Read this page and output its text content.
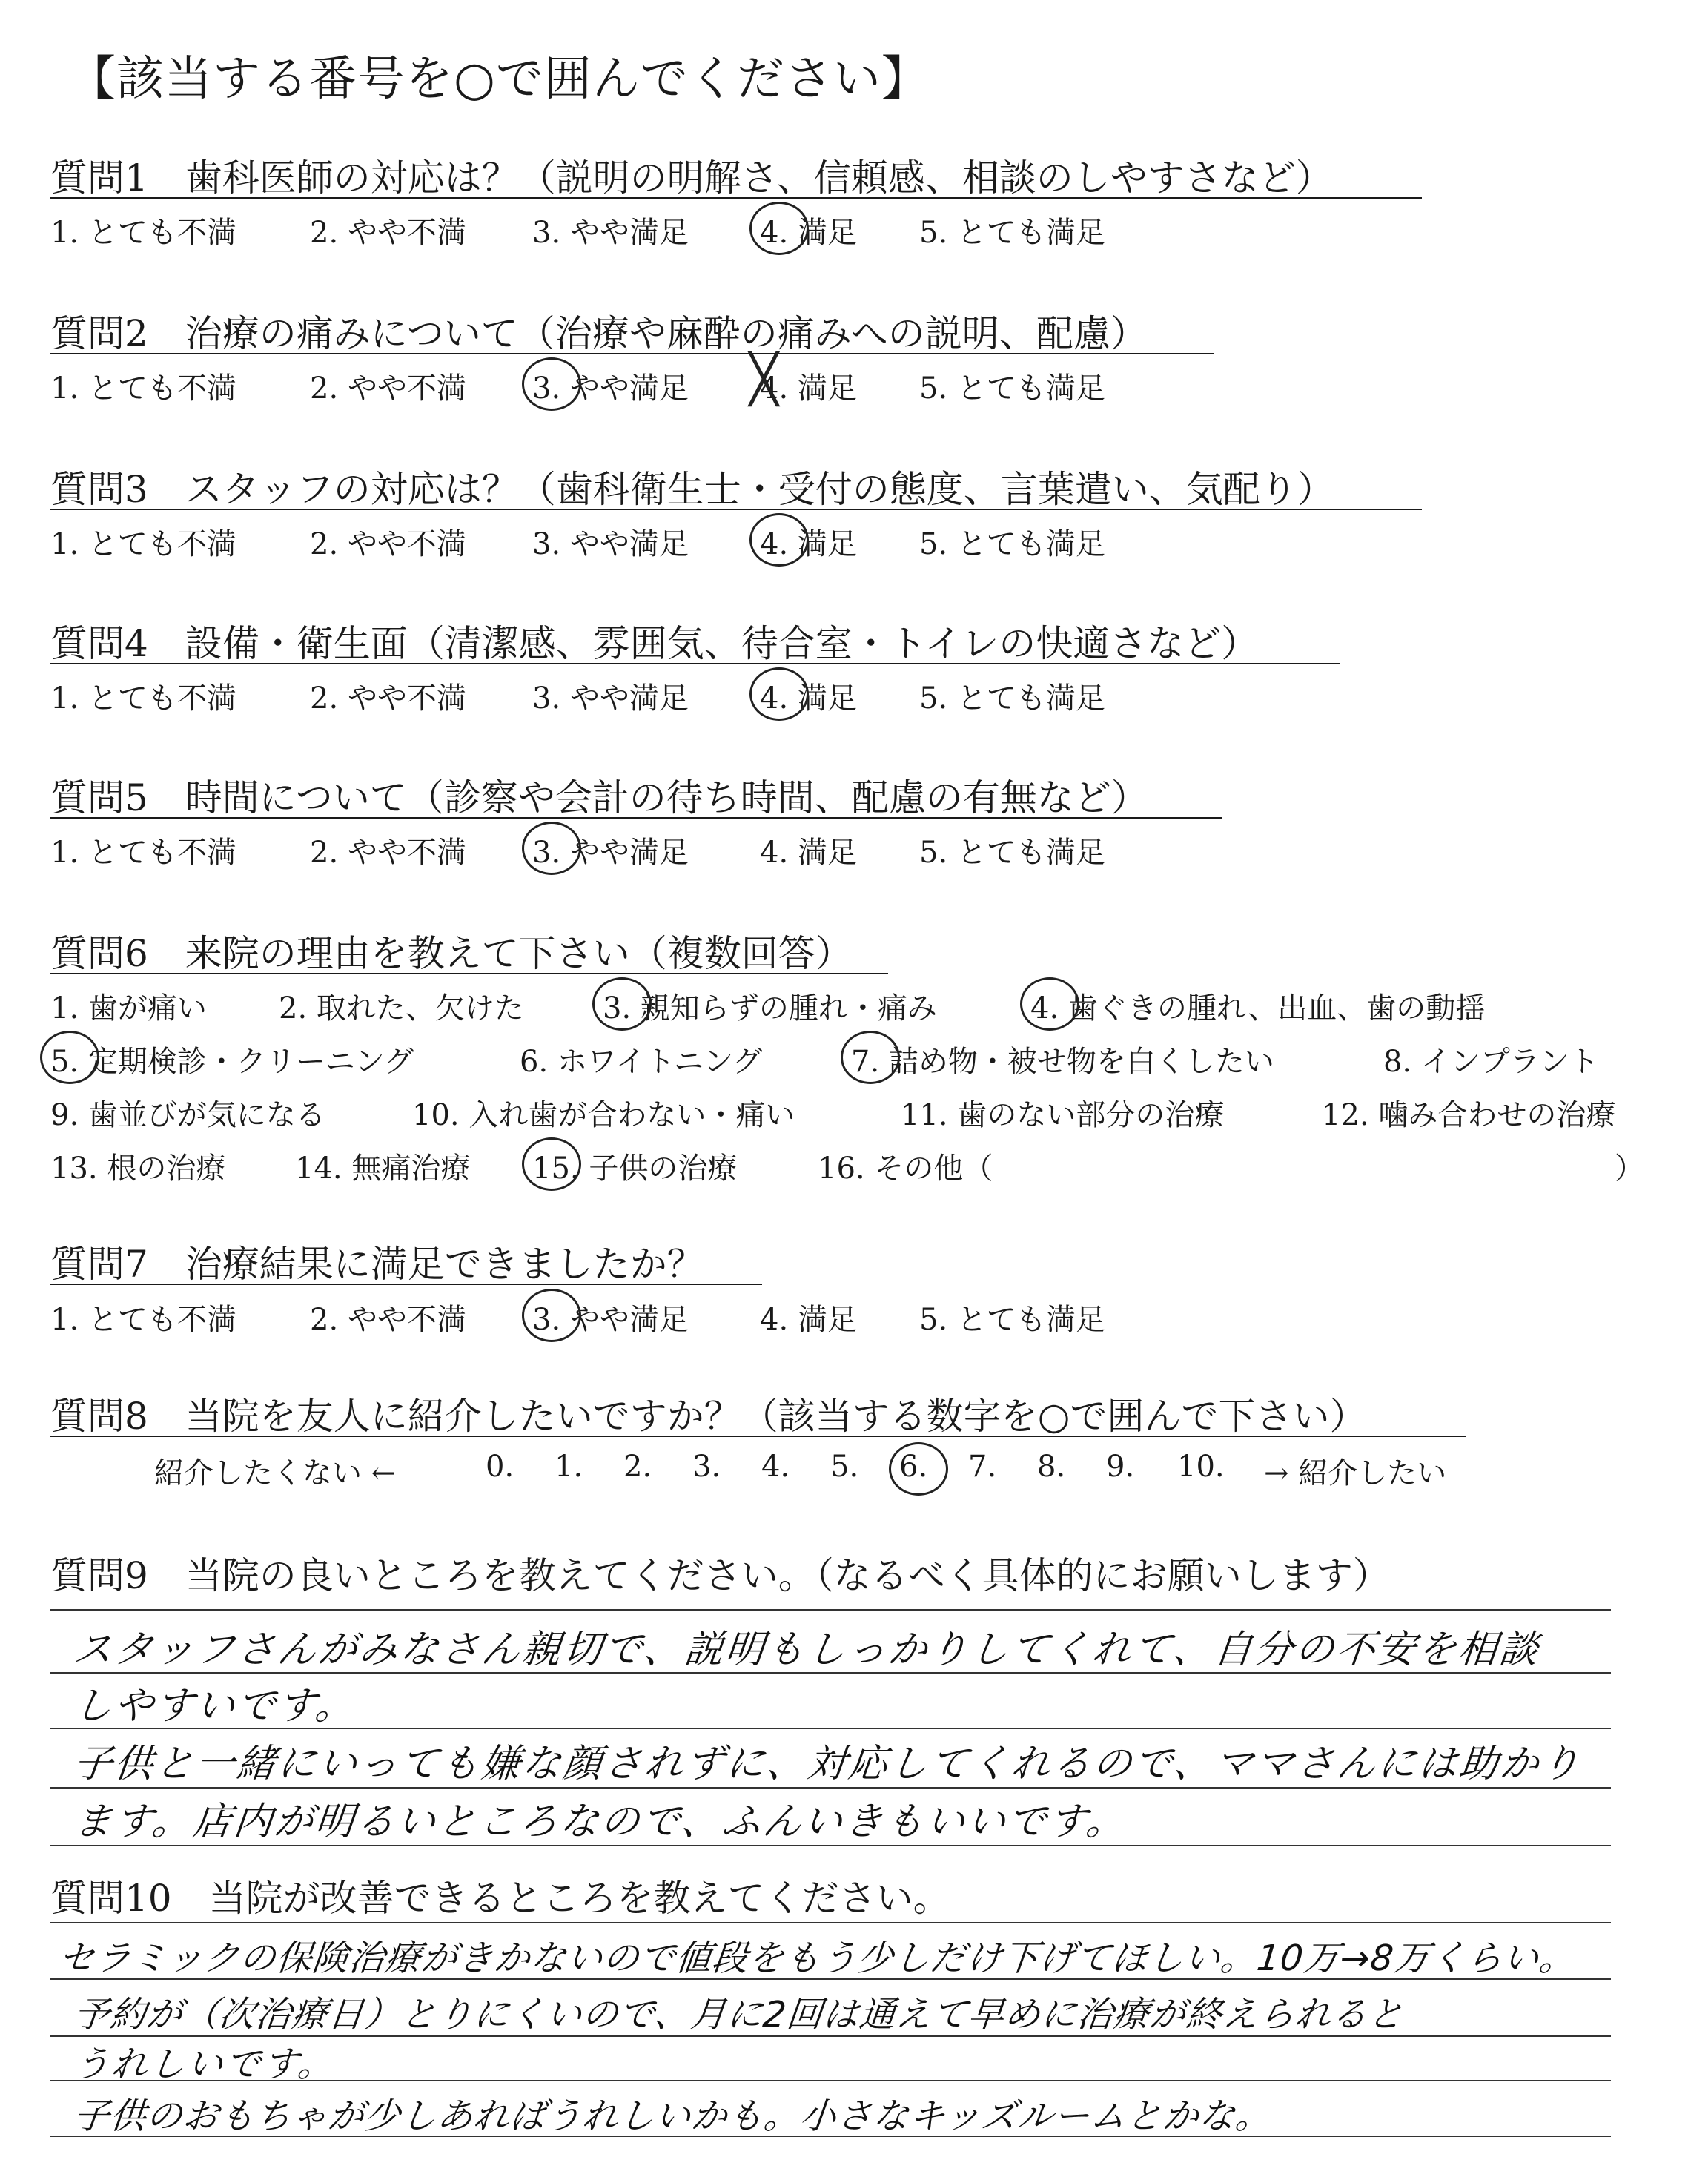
【該当する番号を○で囲んでください】
質問1　歯科医師の対応は？（説明の明解さ、信頼感、相談のしやすさなど）
1. とても不満 2. やや不満 3. やや満足 4. 満足 5. とても満足
質問2　治療の痛みについて（治療や麻酔の痛みへの説明、配慮）
1. とても不満 2. やや不満 3. やや満足 4. 満足 ╳ 5. とても満足
質問3　スタッフの対応は？（歯科衛生士・受付の態度、言葉遣い、気配り）
1. とても不満 2. やや不満 3. やや満足 4. 満足 5. とても満足
質問4　設備・衛生面（清潔感、雰囲気、待合室・トイレの快適さなど）
1. とても不満 2. やや不満 3. やや満足 4. 満足 5. とても満足
質問5　時間について（診察や会計の待ち時間、配慮の有無など）
1. とても不満 2. やや不満 3. やや満足 4. 満足 5. とても満足
質問6　来院の理由を教えて下さい（複数回答）
1. 歯が痛い 2. 取れた、欠けた	3. 親知らずの腫れ・痛み	4. 歯ぐきの腫れ、出血、歯の動揺
5. 定期検診・クリーニング	6. ホワイトニング	7. 詰め物・被せ物を白くしたい	8. インプラント
9. 歯並びが気になる	10. 入れ歯が合わない・痛い	11. 歯のない部分の治療	12. 噛み合わせの治療
13. 根の治療 14. 無痛治療 15. 子供の治療	16. その他（	）
質問7　治療結果に満足できましたか？
1. とても不満 2. やや不満 3. やや満足 4. 満足 5. とても満足
質問8　当院を友人に紹介したいですか？（該当する数字を○で囲んで下さい）
紹介したくない ←	0. 1. 2. 3. 4. 5. 6. 7. 8. 9. 10. → 紹介したい
質問9　当院の良いところを教えてください。（なるべく具体的にお願いします）
スタッフさんがみなさん親切で、説明もしっかりしてくれて、自分の不安を相談
しやすいです。
子供と一緒にいっても嫌な顔されずに、対応してくれるので、ママさんには助かり
ます。店内が明るいところなので、ふんいきもいいです。
質問10　当院が改善できるところを教えてください。
セラミックの保険治療がきかないので値段をもう少しだけ下げてほしい。10万→8万くらい。
予約が（次治療日）とりにくいので、月に2回は通えて早めに治療が終えられると
うれしいです。
子供のおもちゃが少しあればうれしいかも。小さなキッズルームとかな。
